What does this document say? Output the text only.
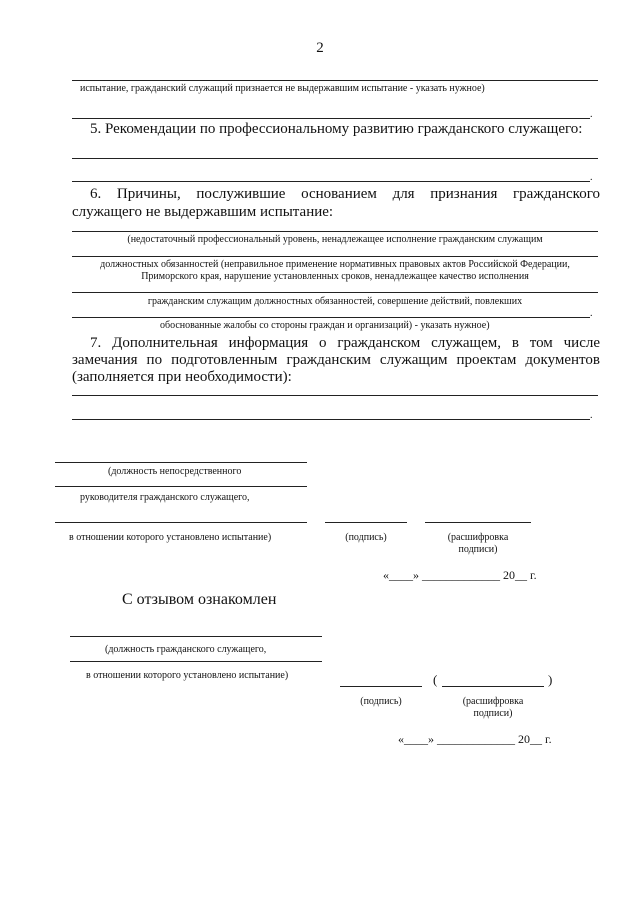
2
испытание, гражданский служащий признается не выдержавшим испытание - указать нужное)
.
5. Рекомендации по профессиональному развитию гражданского служащего:
.
6. Причины, послужившие основанием для признания гражданского
служащего не выдержавшим испытание:
(недостаточный профессиональный уровень, ненадлежащее исполнение гражданским служащим
должностных обязанностей (неправильное применение нормативных правовых актов Российской Федерации,
Приморского края, нарушение установленных сроков, ненадлежащее качество исполнения
гражданским служащим должностных обязанностей, совершение действий, повлекших
.
обоснованные жалобы со стороны граждан и организаций) - указать нужное)
7. Дополнительная информация о гражданском служащем, в том числе
замечания по подготовленным гражданским служащим проектам документов
(заполняется при необходимости):
.
(должность непосредственного
руководителя гражданского служащего,
в отношении которого установлено испытание)	(подпись)	(расшифровка
подписи)
«____» _____________ 20__ г.
С отзывом ознакомлен
(должность гражданского служащего,
в отношении которого установлено испытание)	(	)
(подпись)	(расшифровка
подписи)
«____» _____________ 20__ г.
